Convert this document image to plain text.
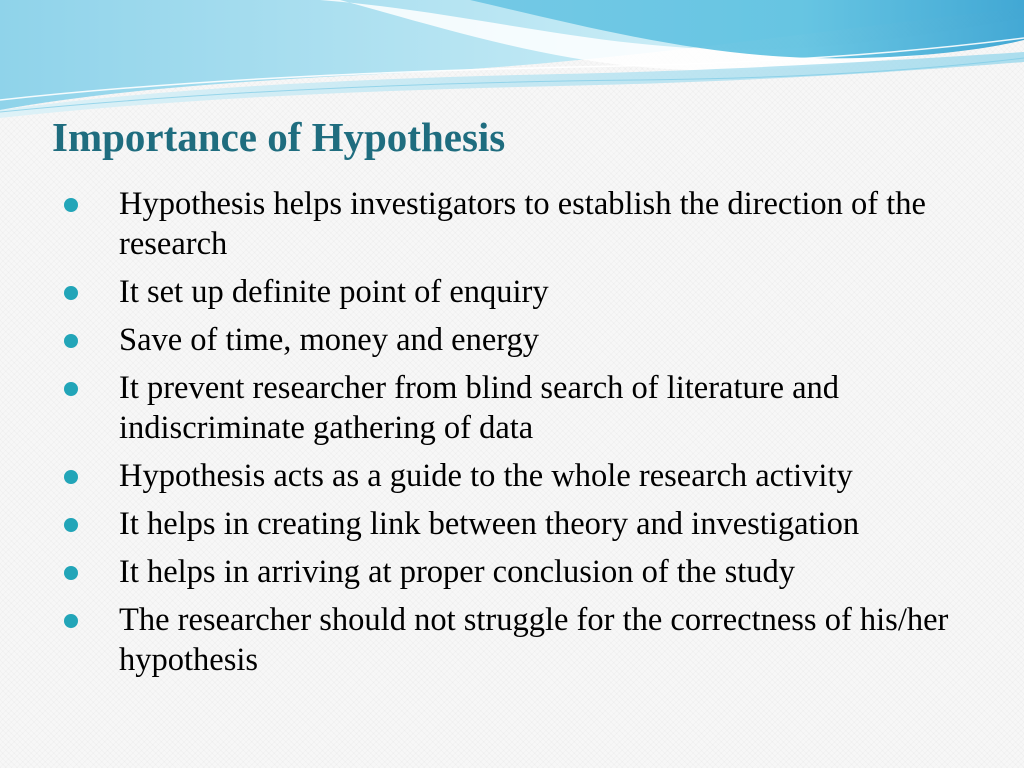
Importance of Hypothesis
Hypothesis helps investigators to establish the direction of the research
It set up definite point of enquiry
Save of time, money and energy
It prevent researcher from blind search of literature and indiscriminate gathering of data
Hypothesis acts as a guide to the whole research activity
It helps in creating link between theory and investigation
It helps in arriving at proper conclusion of the study
The researcher should not struggle for the correctness of his/her hypothesis
